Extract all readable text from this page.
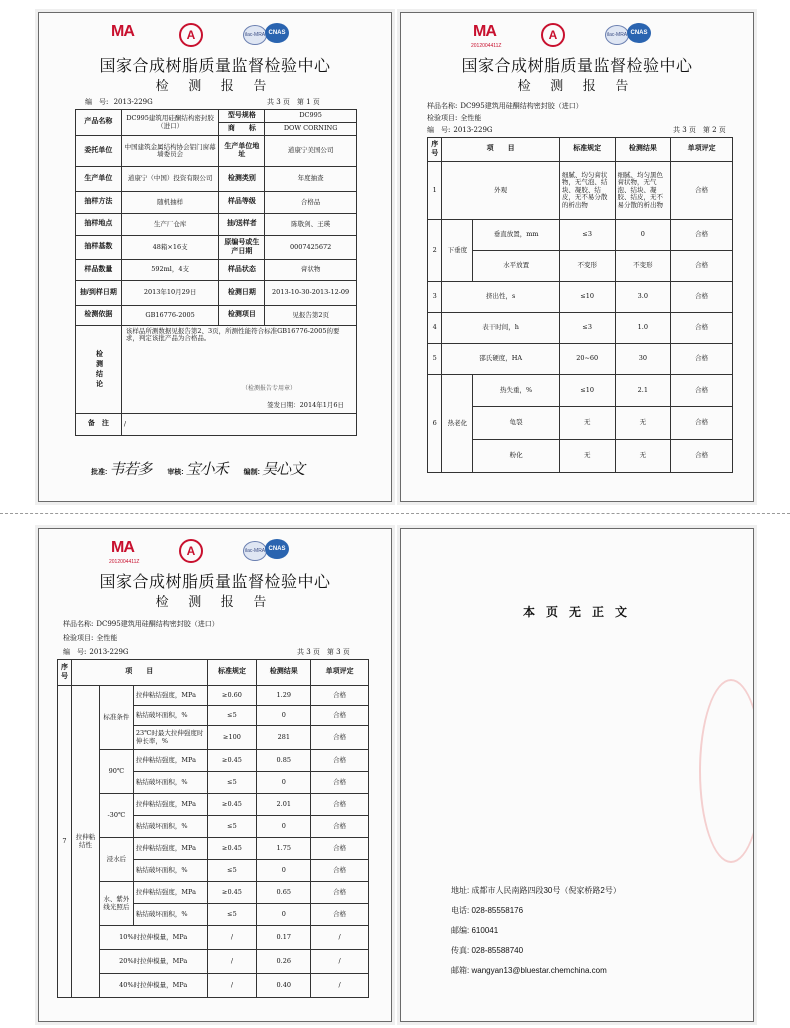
MA	A	ilac-MRA CNAS
国家合成树脂质量监督检验中心
检 测 报 告
编　号: 2013-229G	共 3 页　第 1 页
产品名称	DC995建筑用硅酮结构密封胶（进口）	型号规格	DC995
		商　　标	DOW CORNING
委托单位	中国建筑金属结构协会铝门窗幕墙委员会	生产单位地　　址	道康宁美国公司
生产单位	道康宁（中国）投资有限公司	检测类别	年度抽查
抽样方法	随机抽样	样品等级	合格品
抽样地点	生产厂仓库	抽/送样者	陈敬剑、王瑛
抽样基数	48箱×16支	原编号或生产日期	0007425672
样品数量	592ml，4支	样品状态	膏状物
抽/到样日期	2013年10月29日	检测日期	2013-10-30-2013-12-09
检测依据	GB16776-2005	检测项目	见报告第2页
检测结论	该样品所测数据见报告第2、3页，所测性能符合标准GB16776-2005的要求，判定该批产品为合格品。
（检测报告专用章）
签发日期：2014年1月6日		

备　注	/		
批准: 韦若多 审核: 宝小禾 编制: 吴心文
MA
2012004411Z
A	ilac-MRA CNAS
国家合成树脂质量监督检验中心
检 测 报 告
样品名称: DC995建筑用硅酮结构密封胶（进口）
检验项目: 全性能
编　号: 2013-229G	共 3 页　第 2 页
序号	项　　目		标准规定	检测结果	单项评定
1	外观		细腻、均匀膏状物，无气泡、结块、凝胶、结皮，无不易分散的析出物	细腻、均匀黑色膏状物，无气泡、结块、凝胶、结皮，无不易分散的析出物	合格
2	下垂度	垂直放置，mm	≤3	0	合格
		水平放置	不变形	不变形	合格
3	挤出性，s		≤10	3.0	合格
4	表干时间，h		≤3	1.0	合格
5	邵氏硬度，HA		20~60	30	合格
6	热老化	热失重，%	≤10	2.1	合格
		龟裂	无	无	合格
		粉化	无	无	合格
MA
2012004411Z
A	ilac-MRA CNAS
国家合成树脂质量监督检验中心
检 测 报 告
样品名称: DC995建筑用硅酮结构密封胶（进口）
检验项目: 全性能
编　号: 2013-229G	共 3 页　第 3 页
序号	项　　目			标准规定	检测结果	单项评定
7	拉伸粘结性	标准条件	拉伸粘结强度，MPa	≥0.60	1.29	合格
			粘结破坏面积，%	≤5	0	合格
			23℃时最大拉伸强度时伸长率，%	≥100	281	合格
		90℃	拉伸粘结强度，MPa	≥0.45	0.85	合格
			粘结破坏面积，%	≤5	0	合格
		-30℃	拉伸粘结强度，MPa	≥0.45	2.01	合格
			粘结破坏面积，%	≤5	0	合格
		浸水后	拉伸粘结强度，MPa	≥0.45	1.75	合格
			粘结破坏面积，%	≤5	0	合格
		水、紫外线光照后	拉伸粘结强度，MPa	≥0.45	0.65	合格
			粘结破坏面积，%	≤5	0	合格
		10%时拉伸模量，MPa		/	0.17	/
		20%时拉伸模量，MPa		/	0.26	/
		40%时拉伸模量，MPa		/	0.40	/
本 页 无 正 文
地址: 成都市人民南路四段30号（倪家桥路2号）
电话: 028-85558176
邮编: 610041
传真: 028-85588740
邮箱: wangyan13@bluestar.chemchina.com
